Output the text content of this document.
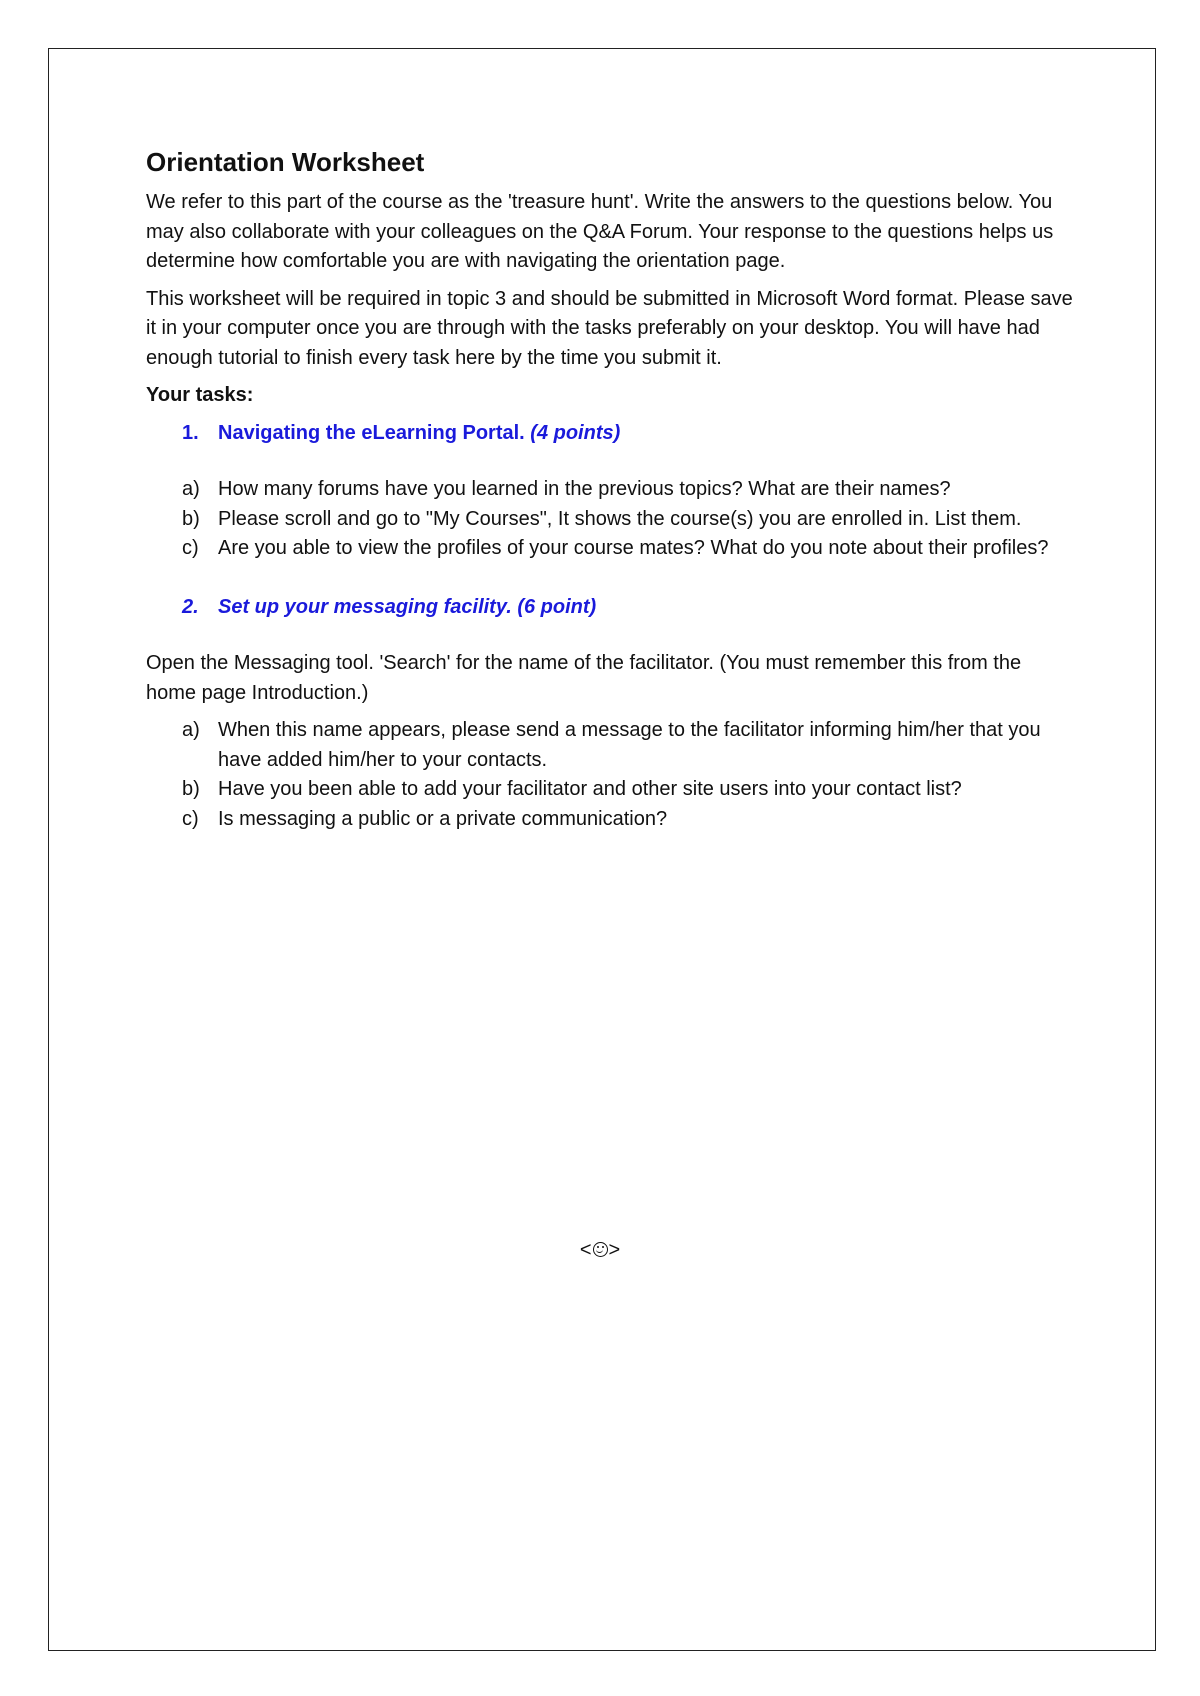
Orientation Worksheet

We refer to this part of the course as the 'treasure hunt'. Write the answers to the questions below. You may also collaborate with your colleagues on the Q&A Forum. Your response to the questions helps us determine how comfortable you are with navigating the orientation page.

This worksheet will be required in topic 3 and should be submitted in Microsoft Word format. Please save it in your computer once you are through with the tasks preferably on your desktop. You will have had enough tutorial to finish every task here by the time you submit it.

Your tasks:
1. Navigating the eLearning Portal. (4 points)
a) How many forums have you learned in the previous topics? What are their names?
b) Please scroll and go to "My Courses", It shows the course(s) you are enrolled in. List them.
c) Are you able to view the profiles of your course mates? What do you note about their profiles?
2. Set up your messaging facility. (6 point)

Open the Messaging tool. 'Search' for the name of the facilitator. (You must remember this from the home page Introduction.)

a) When this name appears, please send a message to the facilitator informing him/her that you have added him/her to your contacts.
b) Have you been able to add your facilitator and other site users into your contact list?
c) Is messaging a public or a private communication?
< >
